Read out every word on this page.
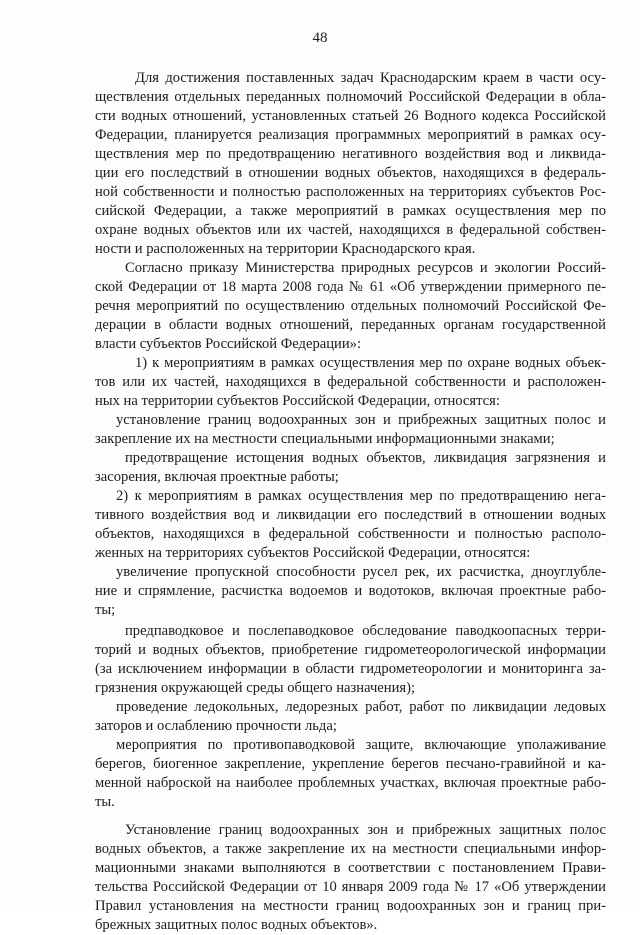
48
Для достижения поставленных задач Краснодарским краем в части осу-
ществления отдельных переданных полномочий Российской Федерации в обла-
сти водных отношений, установленных статьей 26 Водного кодекса Российской
Федерации, планируется реализация программных мероприятий в рамках осу-
ществления мер по предотвращению негативного воздействия вод и ликвида-
ции его последствий в отношении водных объектов, находящихся в федераль-
ной собственности и полностью расположенных на территориях субъектов Рос-
сийской Федерации, а также мероприятий в рамках осуществления мер по
охране водных объектов или их частей, находящихся в федеральной собствен-
ности и расположенных на территории Краснодарского края.
Согласно приказу Министерства природных ресурсов и экологии Россий-
ской Федерации от 18 марта 2008 года № 61 «Об утверждении примерного пе-
речня мероприятий по осуществлению отдельных полномочий Российской Фе-
дерации в области водных отношений, переданных органам государственной
власти субъектов Российской Федерации»:
1) к мероприятиям в рамках осуществления мер по охране водных объек-
тов или их частей, находящихся в федеральной собственности и расположен-
ных на территории субъектов Российской Федерации, относятся:
установление границ водоохранных зон и прибрежных защитных полос и
закрепление их на местности специальными информационными знаками;
предотвращение истощения водных объектов, ликвидация загрязнения и
засорения, включая проектные работы;
2) к мероприятиям в рамках осуществления мер по предотвращению нега-
тивного воздействия вод и ликвидации его последствий в отношении водных
объектов, находящихся в федеральной собственности и полностью располо-
женных на территориях субъектов Российской Федерации, относятся:
увеличение пропускной способности русел рек, их расчистка, дноуглубле-
ние и спрямление, расчистка водоемов и водотоков, включая проектные рабо-
ты;
предпаводковое и послепаводковое обследование паводкоопасных терри-
торий и водных объектов, приобретение гидрометеорологической информации
(за исключением информации в области гидрометеорологии и мониторинга за-
грязнения окружающей среды общего назначения);
проведение ледокольных, ледорезных работ, работ по ликвидации ледовых
заторов и ослаблению прочности льда;
мероприятия по противопаводковой защите, включающие уполаживание
берегов, биогенное закрепление, укрепление берегов песчано-гравийной и ка-
менной наброской на наиболее проблемных участках, включая проектные рабо-
ты.
Установление границ водоохранных зон и прибрежных защитных полос
водных объектов, а также закрепление их на местности специальными инфор-
мационными знаками выполняются в соответствии с постановлением Прави-
тельства Российской Федерации от 10 января 2009 года № 17 «Об утверждении
Правил установления на местности границ водоохранных зон и границ при-
брежных защитных полос водных объектов».
